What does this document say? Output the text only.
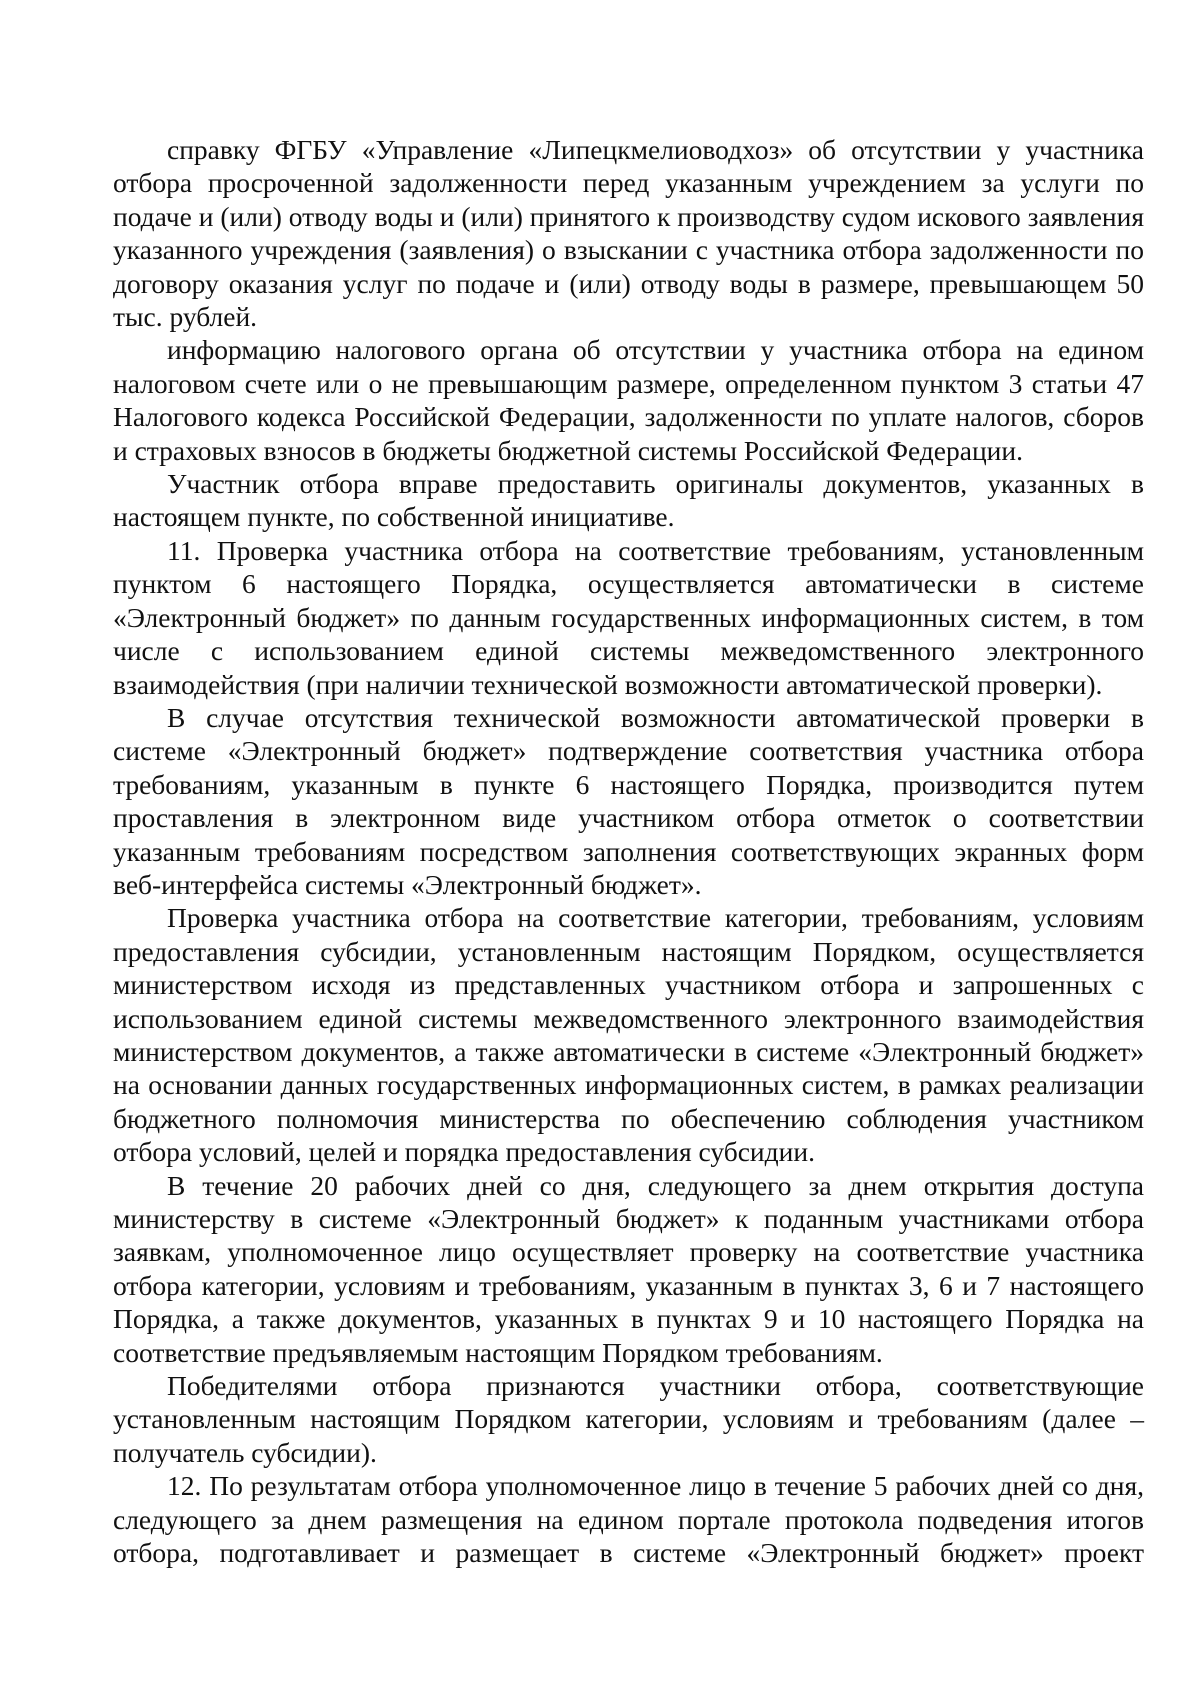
справку ФГБУ «Управление «Липецкмелиоводхоз» об отсутствии у участника отбора просроченной задолженности перед указанным учреждением за услуги по подаче и (или) отводу воды и (или) принятого к производству судом искового заявления указанного учреждения (заявления) о взыскании с участника отбора задолженности по договору оказания услуг по подаче и (или) отводу воды в размере, превышающем 50 тыс. рублей.

информацию налогового органа об отсутствии у участника отбора на едином налоговом счете или о не превышающим размере, определенном пунктом 3 статьи 47 Налогового кодекса Российской Федерации, задолженности по уплате налогов, сборов и страховых взносов в бюджеты бюджетной системы Российской Федерации.

Участник отбора вправе предоставить оригиналы документов, указанных в настоящем пункте, по собственной инициативе.

11. Проверка участника отбора на соответствие требованиям, установленным пунктом 6 настоящего Порядка, осуществляется автоматически в системе «Электронный бюджет» по данным государственных информационных систем, в том числе с использованием единой системы межведомственного электронного взаимодействия (при наличии технической возможности автоматической проверки).

В случае отсутствия технической возможности автоматической проверки в системе «Электронный бюджет» подтверждение соответствия участника отбора требованиям, указанным в пункте 6 настоящего Порядка, производится путем проставления в электронном виде участником отбора отметок о соответствии указанным требованиям посредством заполнения соответствующих экранных форм веб-интерфейса системы «Электронный бюджет».

Проверка участника отбора на соответствие категории, требованиям, условиям предоставления субсидии, установленным настоящим Порядком, осуществляется министерством исходя из представленных участником отбора и запрошенных с использованием единой системы межведомственного электронного взаимодействия министерством документов, а также автоматически в системе «Электронный бюджет» на основании данных государственных информационных систем, в рамках реализации бюджетного полномочия министерства по обеспечению соблюдения участником отбора условий, целей и порядка предоставления субсидии.

В течение 20 рабочих дней со дня, следующего за днем открытия доступа министерству в системе «Электронный бюджет» к поданным участниками отбора заявкам, уполномоченное лицо осуществляет проверку на соответствие участника отбора категории, условиям и требованиям, указанным в пунктах 3, 6 и 7 настоящего Порядка, а также документов, указанных в пунктах 9 и 10 настоящего Порядка на соответствие предъявляемым настоящим Порядком требованиям.

Победителями отбора признаются участники отбора, соответствующие установленным настоящим Порядком категории, условиям и требованиям (далее – получатель субсидии).

12. По результатам отбора уполномоченное лицо в течение 5 рабочих дней со дня, следующего за днем размещения на едином портале протокола подведения итогов отбора, подготавливает и размещает в системе «Электронный бюджет» проект
